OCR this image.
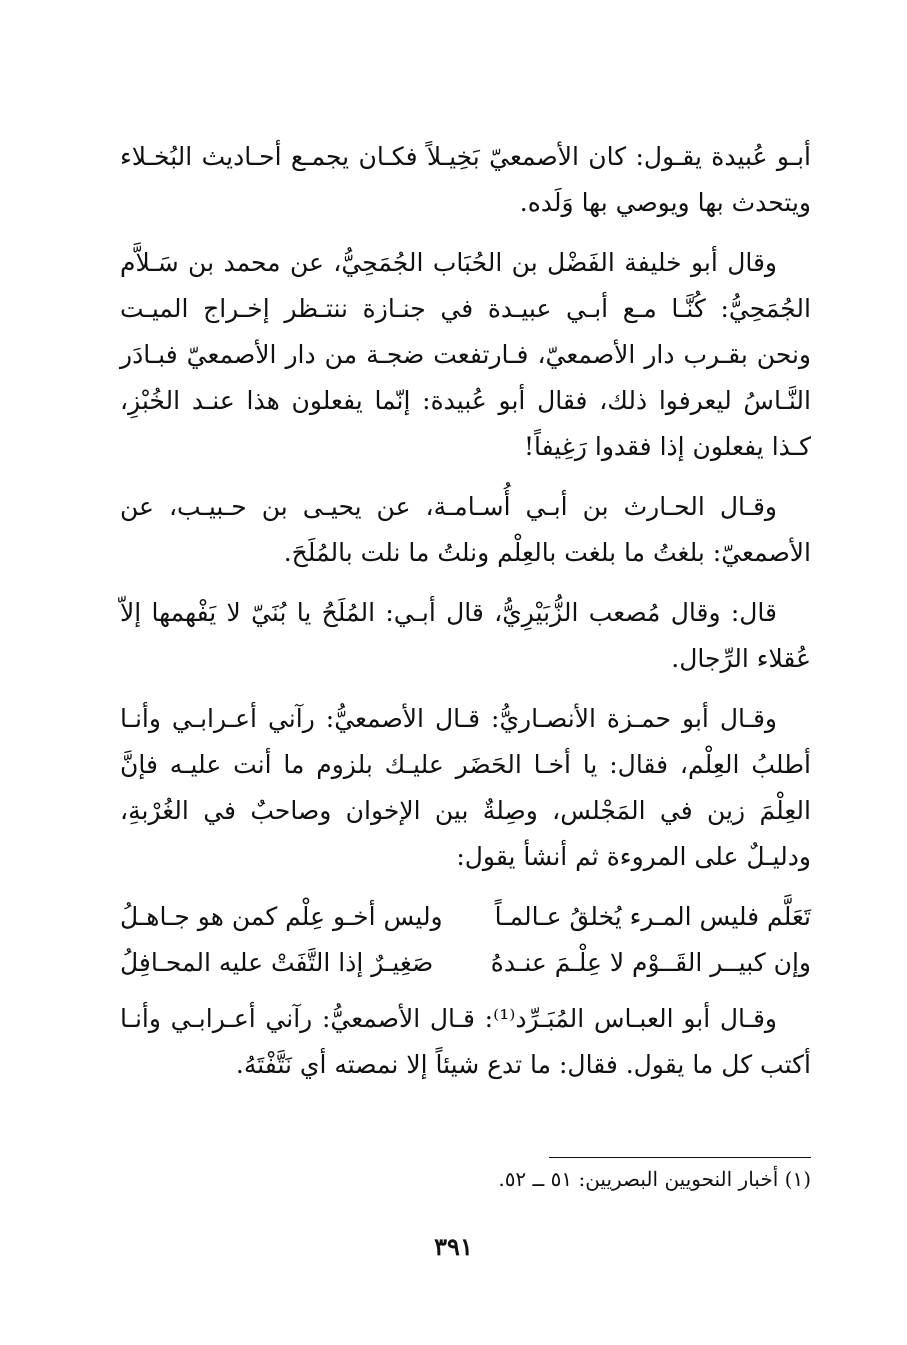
أبـو عُبيدة يقـول: كان الأصمعيّ بَخِيـلاً فكـان يجمـع أحـاديث البُخـلاء ويتحدث بها ويوصي بها وَلَده.

وقال أبو خليفة الفَضْل بن الحُبَاب الجُمَحِيُّ، عن محمد بن سَـلاَّم الجُمَحِيُّ: كُنَّـا مـع أبـي عبيـدة في جنـازة ننتـظر إخـراج الميـت ونحن بقـرب دار الأصمعيّ، فـارتفعت ضجـة من دار الأصمعيّ فبـادَر النَّـاسُ ليعرفوا ذلك، فقال أبو عُبيدة: إنّما يفعلون هذا عنـد الخُبْزِ، كـذا يفعلون إذا فقدوا رَغِيفاً!

وقـال الحـارث بن أبـي أُسـامـة، عن يحيـى بن حـبيـب، عن الأصمعيّ: بلغتُ ما بلغت بالعِلْم ونلتُ ما نلت بالمُلَحَ.

قال: وقال مُصعب الزُّبَيْرِيُّ، قال أبـي: المُلَحُ يا بُنَيّ لا يَفْهمها إلاّ عُقلاء الرِّجال.

وقـال أبو حمـزة الأنصـاريُّ: قـال الأصمعيُّ: رآني أعـرابـي وأنـا أطلبُ العِلْم، فقال: يا أخـا الحَضَر عليـك بلزوم ما أنت عليـه فإنَّ العِلْمَ زين في المَجْلس، وصِلةٌ بين الإخوان وصاحبٌ في الغُرْبةِ، ودليـلٌ على المروءة ثم أنشأ يقول:

تَعَلَّم فليس المـرء يُخلقُ عـالمـاً
وليس أخـو عِلْم كمن هو جـاهـلُ
وإن كبيــر القَــوْم لا عِلْـمَ عنـدهُ
صَغِيـرٌ إذا التَّفَتْ عليه المحـافِلُ

وقـال أبو العبـاس المُبَـرِّد⁽¹⁾: قـال الأصمعيُّ: رآني أعـرابـي وأنـا أكتب كل ما يقول. فقال: ما تدع شيئاً إلا نمصته أي نَتَّفْتَهُ.

(١) أخبار النحويين البصريين: ٥١ ــ ٥٢.
٣٩١
